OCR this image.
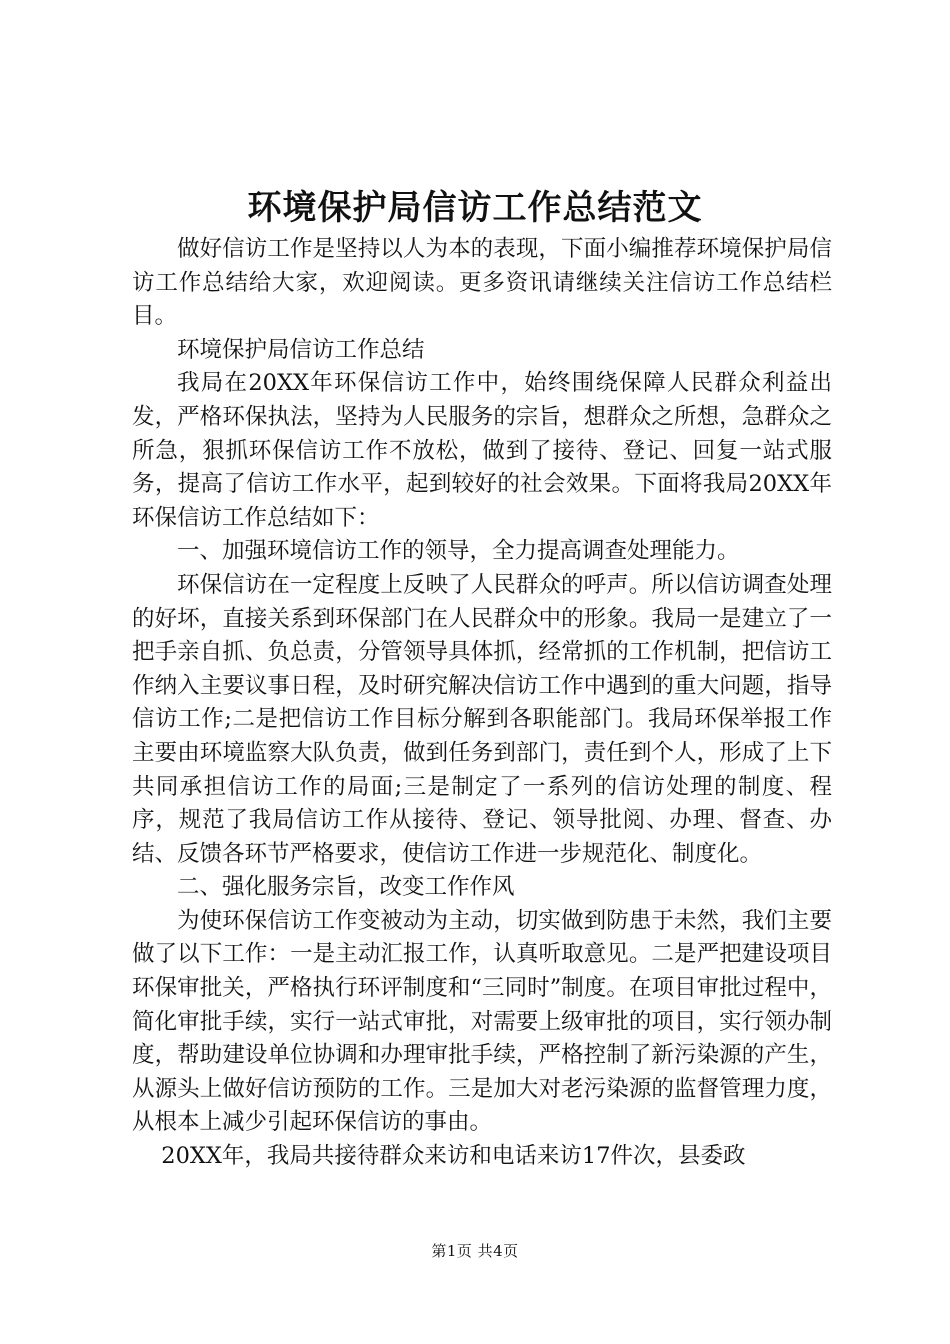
环境保护局信访工作总结范文

做好信访工作是坚持以人为本的表现，下面小编推荐环境保护局信访工作总结给大家，欢迎阅读。更多资讯请继续关注信访工作总结栏目。

环境保护局信访工作总结

我局在20XX年环保信访工作中，始终围绕保障人民群众利益出发，严格环保执法，坚持为人民服务的宗旨，想群众之所想，急群众之所急，狠抓环保信访工作不放松，做到了接待、登记、回复一站式服务，提高了信访工作水平，起到较好的社会效果。下面将我局20XX年环保信访工作总结如下：

一、加强环境信访工作的领导，全力提高调查处理能力。

环保信访在一定程度上反映了人民群众的呼声。所以信访调查处理的好坏，直接关系到环保部门在人民群众中的形象。我局一是建立了一把手亲自抓、负总责，分管领导具体抓，经常抓的工作机制，把信访工作纳入主要议事日程，及时研究解决信访工作中遇到的重大问题，指导信访工作;二是把信访工作目标分解到各职能部门。我局环保举报工作主要由环境监察大队负责，做到任务到部门，责任到个人，形成了上下共同承担信访工作的局面;三是制定了一系列的信访处理的制度、程序，规范了我局信访工作从接待、登记、领导批阅、办理、督查、办结、反馈各环节严格要求，使信访工作进一步规范化、制度化。

二、强化服务宗旨，改变工作作风

为使环保信访工作变被动为主动，切实做到防患于未然，我们主要做了以下工作：一是主动汇报工作，认真听取意见。二是严把建设项目环保审批关，严格执行环评制度和“三同时”制度。在项目审批过程中，简化审批手续，实行一站式审批，对需要上级审批的项目，实行领办制度，帮助建设单位协调和办理审批手续，严格控制了新污染源的产生，从源头上做好信访预防的工作。三是加大对老污染源的监督管理力度，从根本上减少引起环保信访的事由。

20XX年，我局共接待群众来访和电话来访17件次，县委政

第1页 共4页
